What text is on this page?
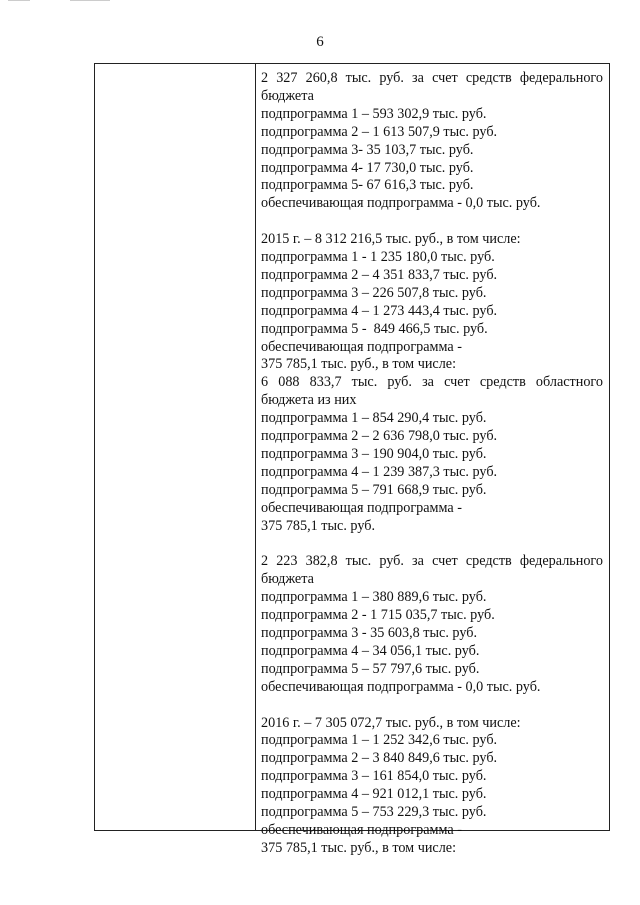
6
2 327 260,8 тыс. руб. за счет средств федерального
бюджета
подпрограмма 1 – 593 302,9 тыс. руб.
подпрограмма 2 – 1 613 507,9 тыс. руб.
подпрограмма 3- 35 103,7 тыс. руб.
подпрограмма 4- 17 730,0 тыс. руб.
подпрограмма 5- 67 616,3 тыс. руб.
обеспечивающая подпрограмма - 0,0 тыс. руб.
2015 г. – 8 312 216,5 тыс. руб., в том числе:
подпрограмма 1 - 1 235 180,0 тыс. руб.
подпрограмма 2 – 4 351 833,7 тыс. руб.
подпрограмма 3 – 226 507,8 тыс. руб.
подпрограмма 4 – 1 273 443,4 тыс. руб.
подпрограмма 5 -  849 466,5 тыс. руб.
обеспечивающая подпрограмма -
375 785,1 тыс. руб., в том числе:
6 088 833,7 тыс. руб. за счет средств областного
бюджета из них
подпрограмма 1 – 854 290,4 тыс. руб.
подпрограмма 2 – 2 636 798,0 тыс. руб.
подпрограмма 3 – 190 904,0 тыс. руб.
подпрограмма 4 – 1 239 387,3 тыс. руб.
подпрограмма 5 – 791 668,9 тыс. руб.
обеспечивающая подпрограмма -
375 785,1 тыс. руб.
2 223 382,8 тыс. руб. за счет средств федерального
бюджета
подпрограмма 1 – 380 889,6 тыс. руб.
подпрограмма 2 - 1 715 035,7 тыс. руб.
подпрограмма 3 - 35 603,8 тыс. руб.
подпрограмма 4 – 34 056,1 тыс. руб.
подпрограмма 5 – 57 797,6 тыс. руб.
обеспечивающая подпрограмма - 0,0 тыс. руб.
2016 г. – 7 305 072,7 тыс. руб., в том числе:
подпрограмма 1 – 1 252 342,6 тыс. руб.
подпрограмма 2 – 3 840 849,6 тыс. руб.
подпрограмма 3 – 161 854,0 тыс. руб.
подпрограмма 4 – 921 012,1 тыс. руб.
подпрограмма 5 – 753 229,3 тыс. руб.
обеспечивающая подпрограмма -
375 785,1 тыс. руб., в том числе:
